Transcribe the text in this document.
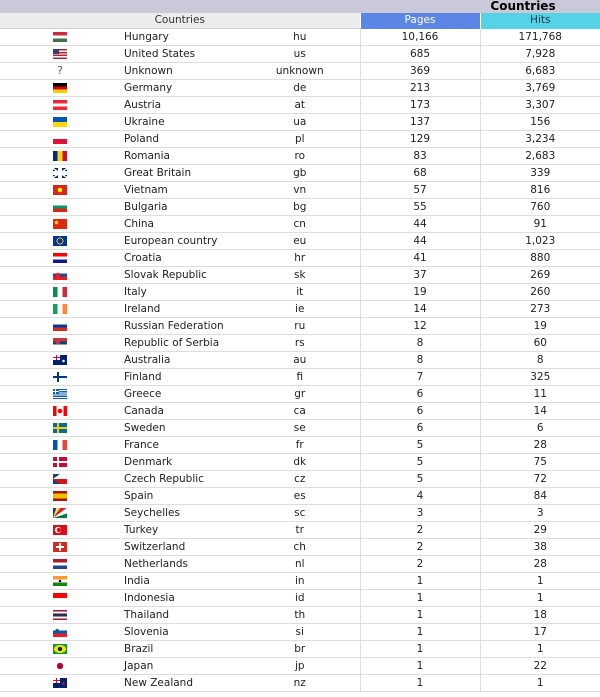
Countries
Countries			Pages	Hits
	Hungary	hu	10,166	171,768
	United States	us	685	7,928
?	Unknown	unknown	369	6,683
	Germany	de	213	3,769
	Austria	at	173	3,307
	Ukraine	ua	137	156
	Poland	pl	129	3,234
	Romania	ro	83	2,683
	Great Britain	gb	68	339
	Vietnam	vn	57	816
	Bulgaria	bg	55	760
	China	cn	44	91
	European country	eu	44	1,023
	Croatia	hr	41	880
	Slovak Republic	sk	37	269
	Italy	it	19	260
	Ireland	ie	14	273
	Russian Federation	ru	12	19
	Republic of Serbia	rs	8	60
	Australia	au	8	8
	Finland	fi	7	325
	Greece	gr	6	11
	Canada	ca	6	14
	Sweden	se	6	6
	France	fr	5	28
	Denmark	dk	5	75
	Czech Republic	cz	5	72
	Spain	es	4	84
	Seychelles	sc	3	3
	Turkey	tr	2	29
	Switzerland	ch	2	38
	Netherlands	nl	2	28
	India	in	1	1
	Indonesia	id	1	1
	Thailand	th	1	18
	Slovenia	si	1	17
	Brazil	br	1	1
	Japan	jp	1	22
	New Zealand	nz	1	1
